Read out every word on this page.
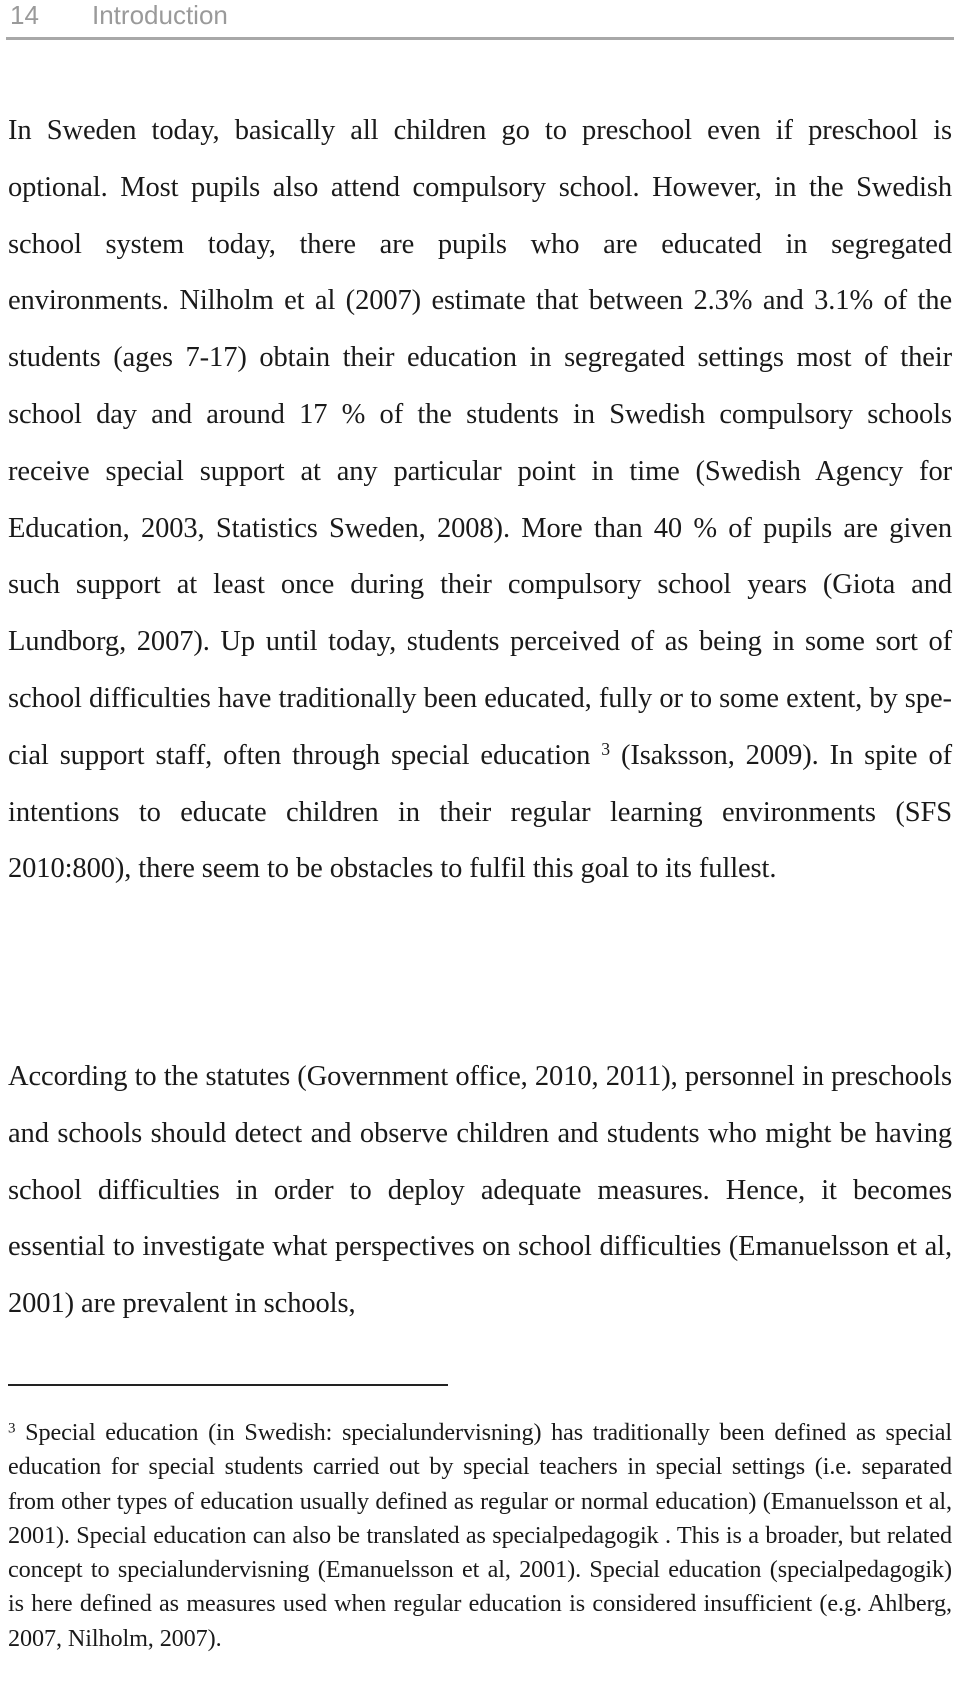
14 Introduction

In Sweden today, basically all children go to preschool even if preschool is optional. Most pupils also attend compulsory school. However, in the Swedish school system today, there are pupils who are educated in segregated environments. Nilholm et al (2007) estimate that between 2.3% and 3.1% of the students (ages 7-17) obtain their education in segregated settings most of their school day and around 17 % of the students in Swedish compulsory schools receive special support at any particular point in time (Swedish Agency for Education, 2003, Statistics Sweden, 2008). More than 40 % of pupils are given such support at least once during their compulsory school years (Giota and Lundborg, 2007). Up until today, students perceived of as being in some sort of school difficulties have traditionally been educated, fully or to some extent, by special support staff, often through special education $^3$ (Isaksson, 2009). In spite of intentions to educate children in their regular learning environments (SFS 2010:800), there seem to be obstacles to fulfil this goal to its fullest.

According to the statutes (Government office, 2010, 2011), personnel in preschools and schools should detect and observe children and students who might be having school difficulties in order to deploy adequate measures. Hence, it becomes essential to investigate what perspectives on school difficulties (Emanuelsson et al, 2001) are prevalent in schools,

$^3$ Special education (in Swedish: specialundervisning) has traditionally been defined as special education for special students carried out by special teachers in special settings (i.e. separated from other types of education usually defined as regular or normal education) (Emanuelsson et al, 2001). Special education can also be translated as specialpedagogik . This is a broader, but related concept to specialundervisning (Emanuelsson et al, 2001). Special education (specialpedagogik) is here defined as measures used when regular education is considered insufficient (e.g. Ahlberg, 2007, Nilholm, 2007).
